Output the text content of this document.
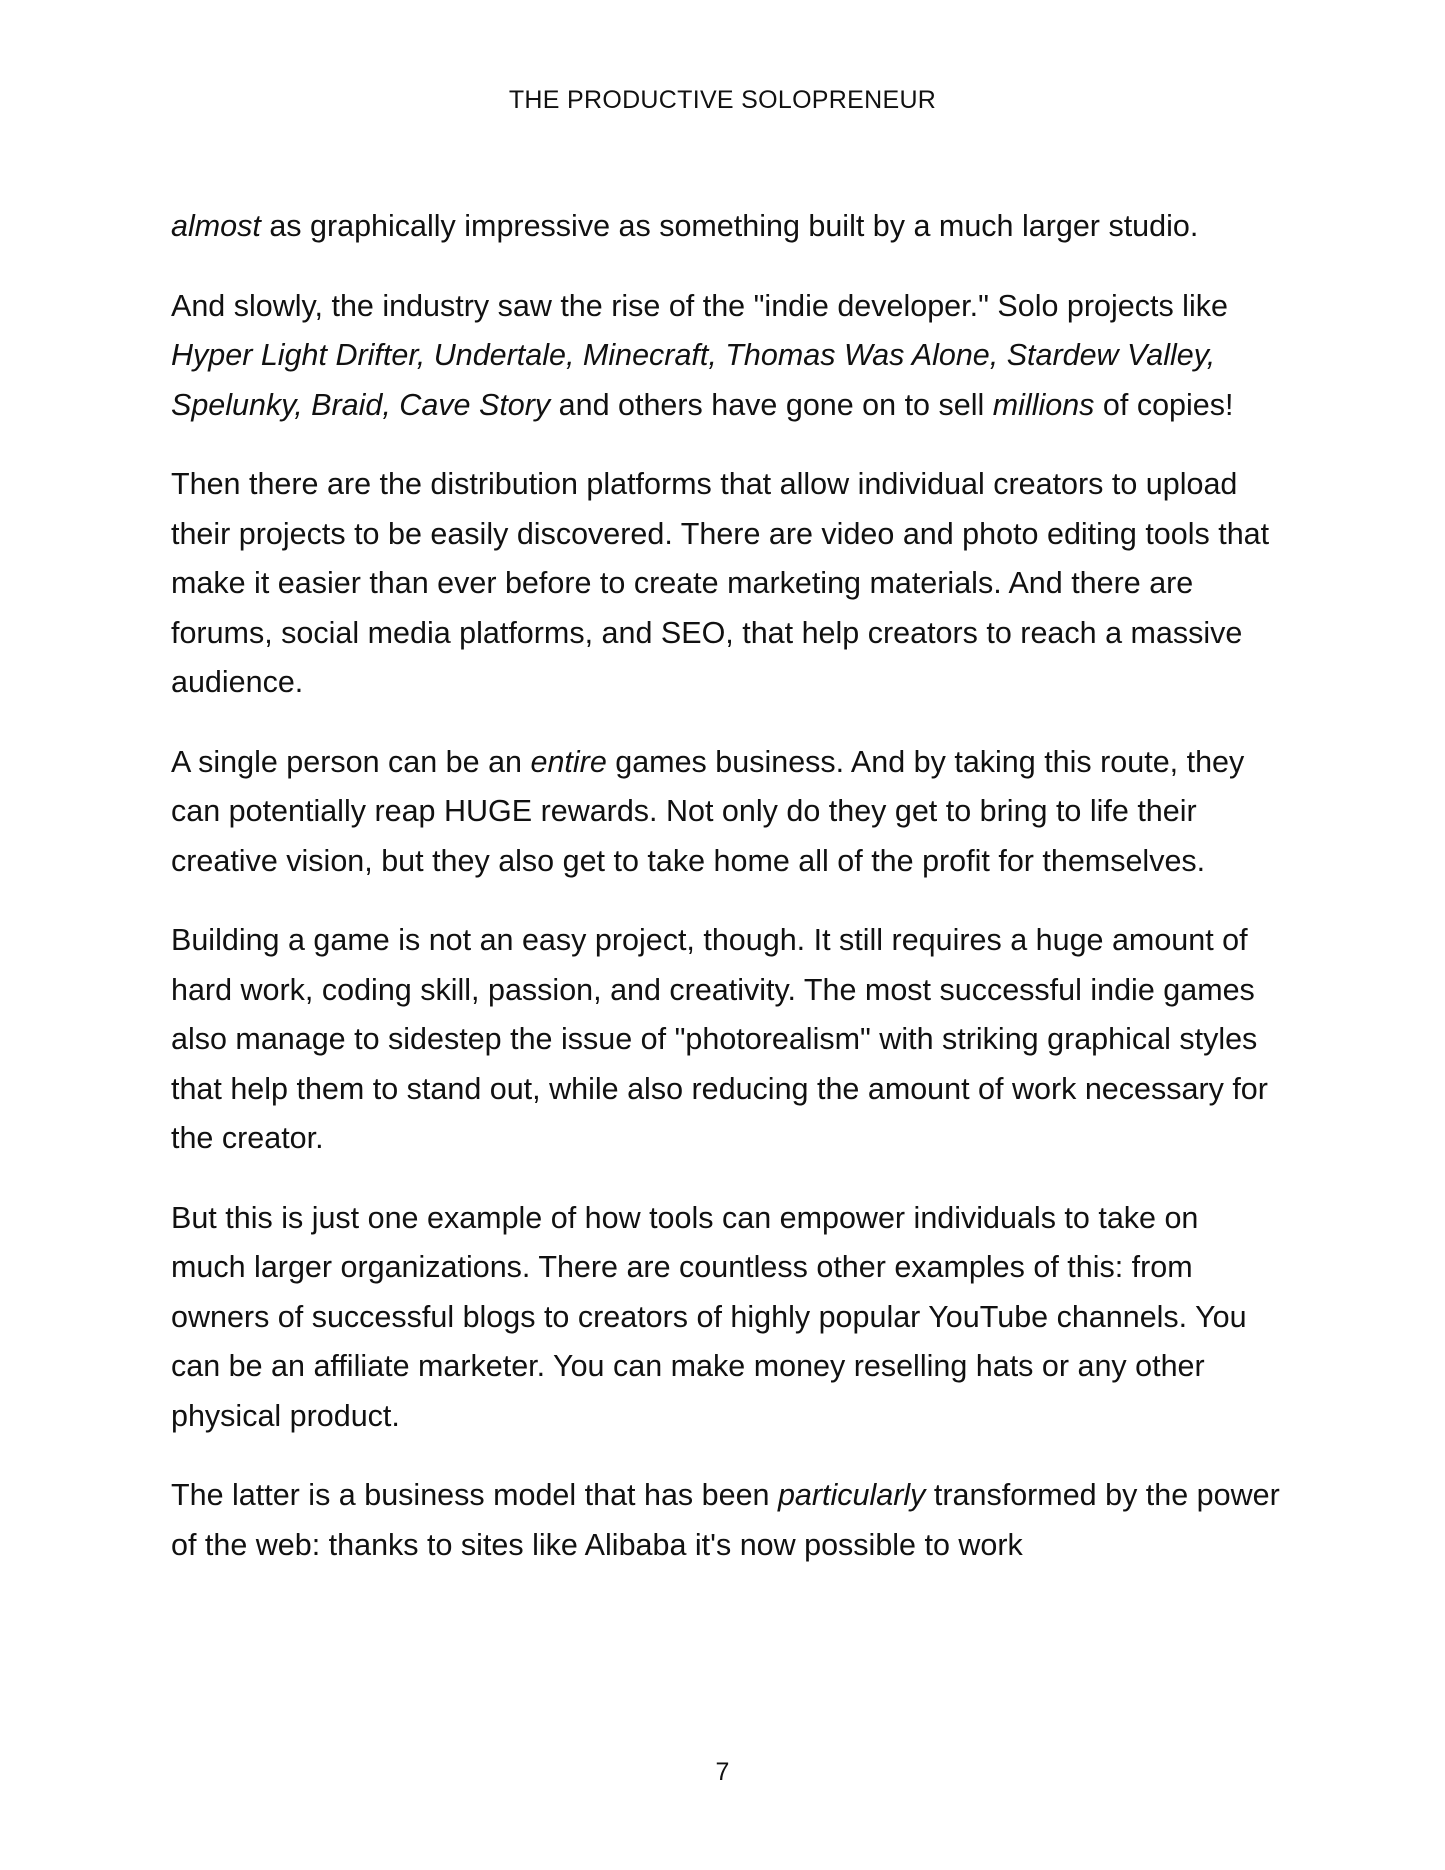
THE PRODUCTIVE SOLOPRENEUR

almost as graphically impressive as something built by a much larger studio.

And slowly, the industry saw the rise of the "indie developer." Solo projects like Hyper Light Drifter, Undertale, Minecraft, Thomas Was Alone, Stardew Valley, Spelunky, Braid, Cave Story and others have gone on to sell millions of copies!

Then there are the distribution platforms that allow individual creators to upload their projects to be easily discovered. There are video and photo editing tools that make it easier than ever before to create marketing materials. And there are forums, social media platforms, and SEO, that help creators to reach a massive audience.

A single person can be an entire games business. And by taking this route, they can potentially reap HUGE rewards. Not only do they get to bring to life their creative vision, but they also get to take home all of the profit for themselves.

Building a game is not an easy project, though. It still requires a huge amount of hard work, coding skill, passion, and creativity. The most successful indie games also manage to sidestep the issue of "photorealism" with striking graphical styles that help them to stand out, while also reducing the amount of work necessary for the creator.

But this is just one example of how tools can empower individuals to take on much larger organizations. There are countless other examples of this: from owners of successful blogs to creators of highly popular YouTube channels. You can be an affiliate marketer. You can make money reselling hats or any other physical product.

The latter is a business model that has been particularly transformed by the power of the web: thanks to sites like Alibaba it's now possible to work

7
